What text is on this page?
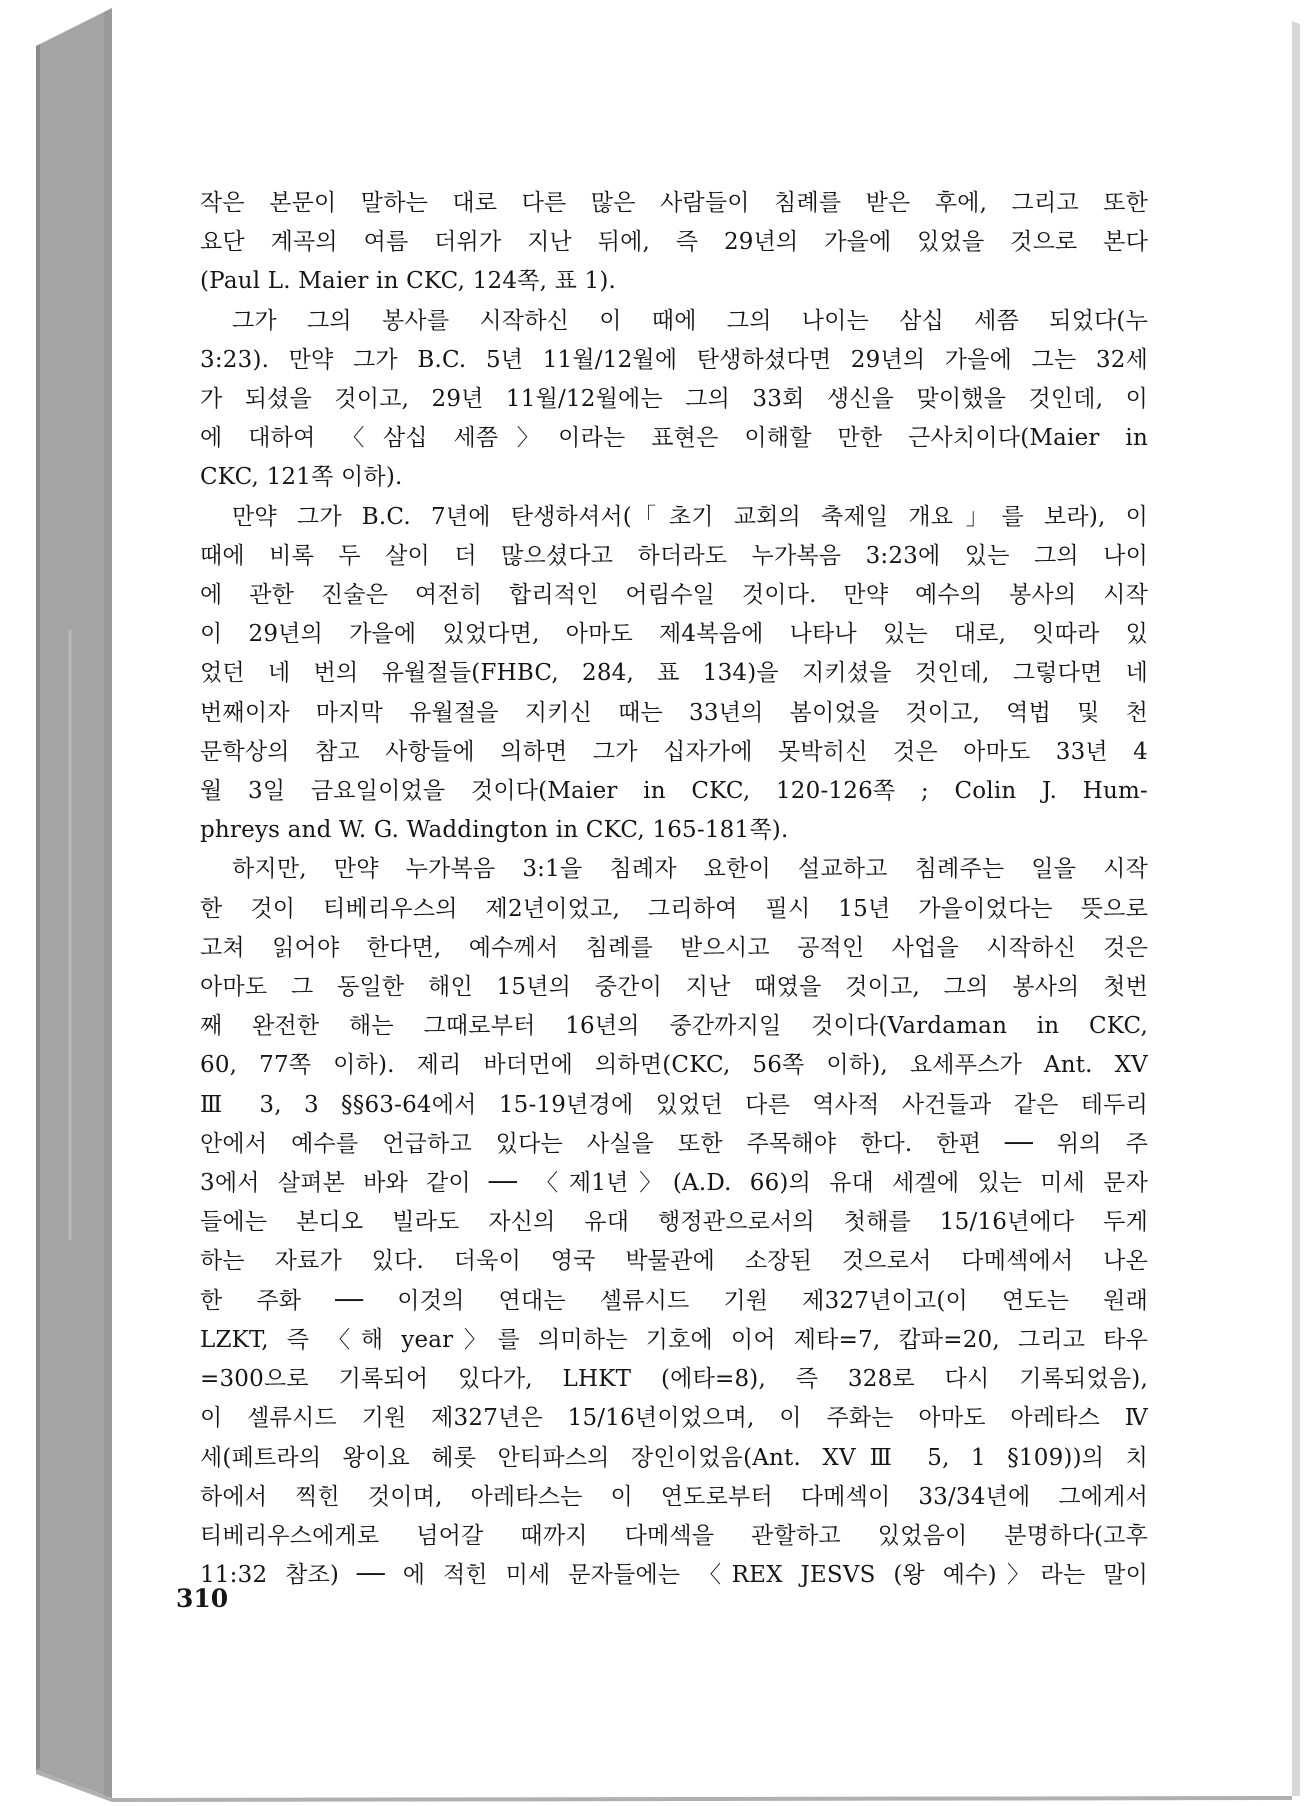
작은 본문이 말하는 대로 다른 많은 사람들이 침례를 받은 후에, 그리고 또한

요단 계곡의 여름 더위가 지난 뒤에, 즉 29년의 가을에 있었을 것으로 본다

(Paul L. Maier in CKC, 124쪽, 표 1).

그가 그의 봉사를 시작하신 이 때에 그의 나이는 삼십 세쯤 되었다(누

3:23). 만약 그가 B.C. 5년 11월/12월에 탄생하셨다면 29년의 가을에 그는 32세

가 되셨을 것이고, 29년 11월/12월에는 그의 33회 생신을 맞이했을 것인데, 이

에 대하여 〈삼십 세쯤〉이라는 표현은 이해할 만한 근사치이다(Maier in

CKC, 121쪽 이하).

만약 그가 B.C. 7년에 탄생하셔서(「초기 교회의 축제일 개요」를 보라), 이

때에 비록 두 살이 더 많으셨다고 하더라도 누가복음 3:23에 있는 그의 나이

에 관한 진술은 여전히 합리적인 어림수일 것이다. 만약 예수의 봉사의 시작

이 29년의 가을에 있었다면, 아마도 제4복음에 나타나 있는 대로, 잇따라 있

었던 네 번의 유월절들(FHBC, 284, 표 134)을 지키셨을 것인데, 그렇다면 네

번째이자 마지막 유월절을 지키신 때는 33년의 봄이었을 것이고, 역법 및 천

문학상의 참고 사항들에 의하면 그가 십자가에 못박히신 것은 아마도 33년 4

월 3일 금요일이었을 것이다(Maier in CKC, 120-126쪽 ; Colin J. Hum-

phreys and W. G. Waddington in CKC, 165-181쪽).

하지만, 만약 누가복음 3:1을 침례자 요한이 설교하고 침례주는 일을 시작

한 것이 티베리우스의 제2년이었고, 그리하여 필시 15년 가을이었다는 뜻으로

고쳐 읽어야 한다면, 예수께서 침례를 받으시고 공적인 사업을 시작하신 것은

아마도 그 동일한 해인 15년의 중간이 지난 때였을 것이고, 그의 봉사의 첫번

째 완전한 해는 그때로부터 16년의 중간까지일 것이다(Vardaman in CKC,

60, 77쪽 이하). 제리 바더먼에 의하면(CKC, 56쪽 이하), 요세푸스가 Ant. XV

Ⅲ 3, 3 §§63-64에서 15-19년경에 있었던 다른 역사적 사건들과 같은 테두리

안에서 예수를 언급하고 있다는 사실을 또한 주목해야 한다. 한편 ── 위의 주

3에서 살펴본 바와 같이 ── 〈제1년〉(A.D. 66)의 유대 세겔에 있는 미세 문자

들에는 본디오 빌라도 자신의 유대 행정관으로서의 첫해를 15/16년에다 두게

하는 자료가 있다. 더욱이 영국 박물관에 소장된 것으로서 다메섹에서 나온

한 주화 ── 이것의 연대는 셀류시드 기원 제327년이고(이 연도는 원래

LZKT, 즉 〈해 year〉를 의미하는 기호에 이어 제타=7, 캅파=20, 그리고 타우

=300으로 기록되어 있다가, LHKT (에타=8), 즉 328로 다시 기록되었음),

이 셀류시드 기원 제327년은 15/16년이었으며, 이 주화는 아마도 아레타스 Ⅳ

세(페트라의 왕이요 헤롯 안티파스의 장인이었음(Ant. XVⅢ 5, 1 §109))의 치

하에서 찍힌 것이며, 아레타스는 이 연도로부터 다메섹이 33/34년에 그에게서

티베리우스에게로 넘어갈 때까지 다메섹을 관할하고 있었음이 분명하다(고후

11:32 참조) ── 에 적힌 미세 문자들에는 〈REX JESVS (왕 예수)〉라는 말이

310
